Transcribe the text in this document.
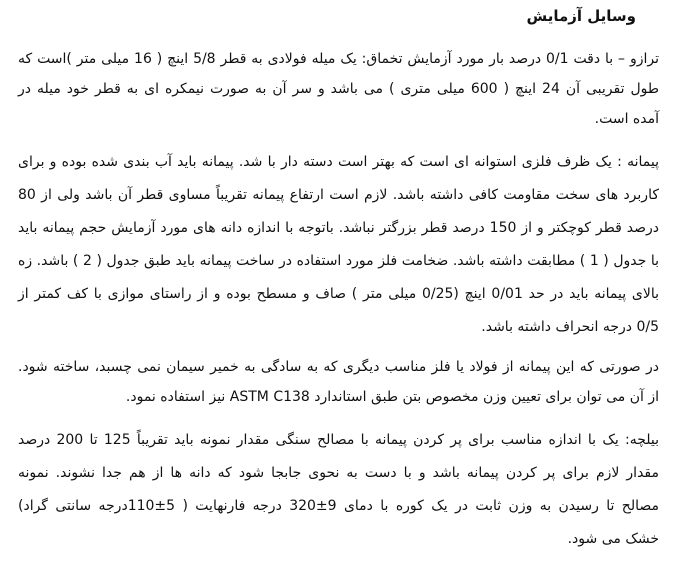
وسایل آزمایش
ترازو – با دقت 0/1 درصد بار مورد آزمایش تخماق: یک میله فولادی به قطر 5/8 اینچ ( 16 میلی متر )است که
طول تقریبی آن 24 اینچ ( 600 میلی متری ) می باشد و سر آن به صورت نیمکره ای به قطر خود میله در
آمده است.
پیمانه : یک ظرف فلزی استوانه ای است که بهتر است دسته دار با شد. پیمانه باید آب بندی شده بوده و برای
کاربرد های سخت مقاومت کافی داشته باشد. لازم است ارتفاع پیمانه تقریباً مساوی قطر آن باشد ولی از 80
درصد قطر کوچکتر و از 150 درصد قطر بزرگتر نباشد. باتوجه با اندازه دانه های مورد آزمایش حجم پیمانه باید
با جدول ( 1 ) مطابقت داشته باشد. ضخامت فلز مورد استفاده در ساخت پیمانه باید طبق جدول ( 2 ) باشد. زه
بالای پیمانه باید در حد 0/01 اینچ (0/25 میلی متر ) صاف و مسطح بوده و از راستای موازی با کف کمتر از
0/5 درجه انحراف داشته باشد.
در صورتی که این پیمانه از فولاد یا فلز مناسب دیگری که به سادگی به خمیر سیمان نمی چسبد، ساخته شود.
از آن می توان برای تعیین وزن مخصوص بتن طبق استاندارد ASTM C138 نیز استفاده نمود.
بیلچه: یک با اندازه مناسب برای پر کردن پیمانه با مصالح سنگی مقدار نمونه باید تقریباً 125 تا 200 درصد
مقدار لازم برای پر کردن پیمانه باشد و با دست به نحوی جابجا شود که دانه ها از هم جدا نشوند. نمونه
مصالح تا رسیدن به وزن ثابت در یک کوره با دمای 9±320 درجه فارنهایت ( 5±110درجه سانتی گراد)
خشک می شود.
